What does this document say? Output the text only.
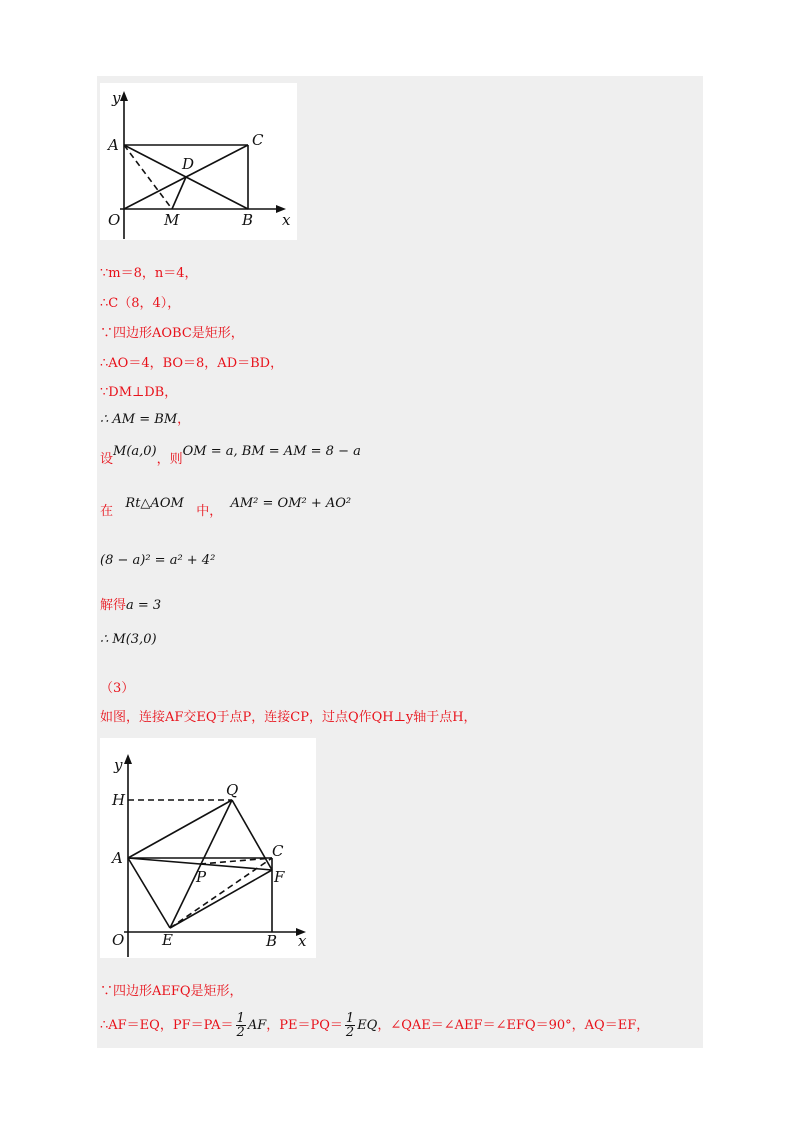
y
x
O
A	C
D
M	B
∵m＝8，n＝4，
∴C（8，4），
∵四边形AOBC是矩形，
∴AO＝4，BO＝8，AD＝BD，
∵DM⊥DB，
∴ AM = BM，
设M(a,0)，则OM = a, BM = AM = 8 − a
在   Rt△AOM   中，  AM² = OM² + AO²
(8 − a)² = a² + 4²
解得a = 3
∴ M(3,0)
（3）
如图，连接AF交EQ于点P，连接CP，过点Q作QH⊥y轴于点H，
y
x
O
H
Q
A	C
P	F
E	B
∵四边形AEFQ是矩形，
∴AF＝EQ，$PF=PA= \frac{1}{2}$ AF，$PE=PQ= \frac{1}{2}$ EQ，∠QAE＝∠AEF＝∠EFQ＝90°，AQ＝EF，
